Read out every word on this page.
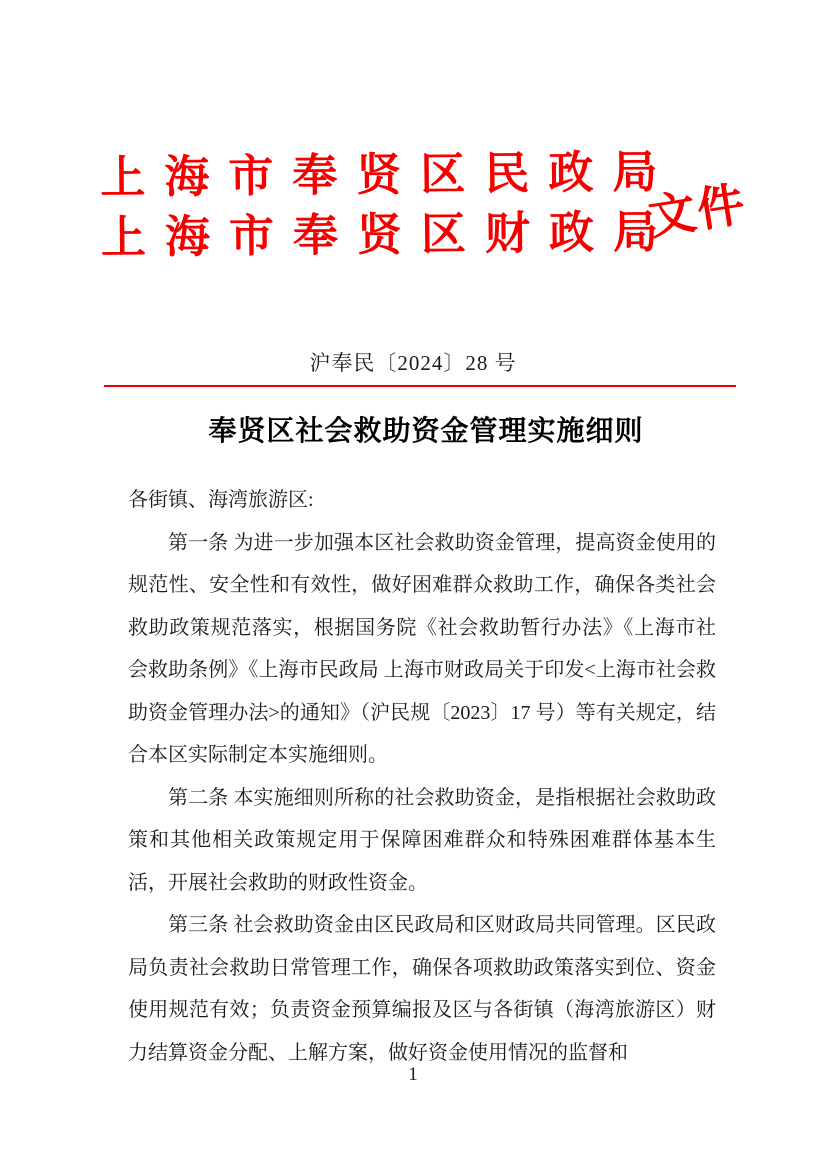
上海市奉贤区民政局
上海市奉贤区财政局
文件
沪奉民〔2024〕28 号
奉贤区社会救助资金管理实施细则
各街镇、海湾旅游区:
第一条 为进一步加强本区社会救助资金管理，提高资金使用的规范性、安全性和有效性，做好困难群众救助工作，确保各类社会救助政策规范落实，根据国务院《社会救助暂行办法》《上海市社会救助条例》《上海市民政局 上海市财政局关于印发<上海市社会救助资金管理办法>的通知》（沪民规〔2023〕17 号）等有关规定，结合本区实际制定本实施细则。
第二条 本实施细则所称的社会救助资金，是指根据社会救助政策和其他相关政策规定用于保障困难群众和特殊困难群体基本生活，开展社会救助的财政性资金。
第三条 社会救助资金由区民政局和区财政局共同管理。区民政局负责社会救助日常管理工作，确保各项救助政策落实到位、资金使用规范有效；负责资金预算编报及区与各街镇（海湾旅游区）财力结算资金分配、上解方案，做好资金使用情况的监督和
1
